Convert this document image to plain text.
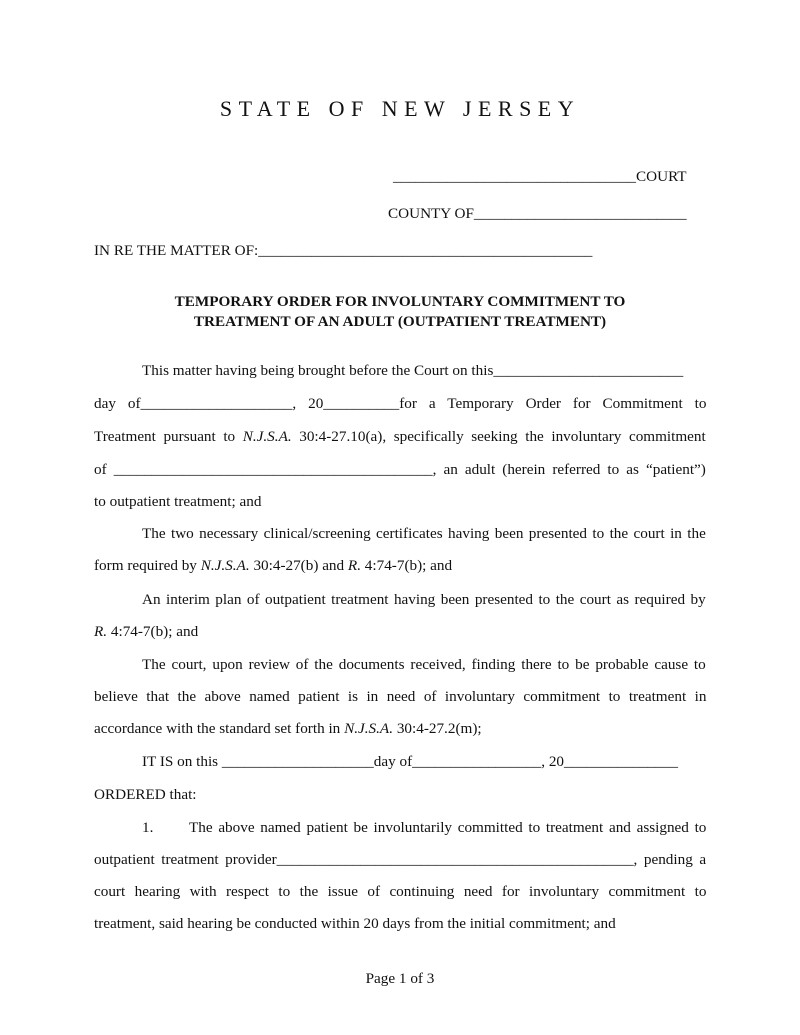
STATE OF NEW JERSEY
________________________________COURT
COUNTY OF____________________________
IN RE THE MATTER OF:____________________________________________
TEMPORARY ORDER FOR INVOLUNTARY COMMITMENT TO
TREATMENT OF AN ADULT (OUTPATIENT TREATMENT)
This matter having being brought before the Court on this_________________________
day of____________________, 20__________for a Temporary Order for Commitment to
Treatment pursuant to N.J.S.A. 30:4-27.10(a), specifically seeking the involuntary commitment
of __________________________________________, an adult (herein referred to as “patient”)
to outpatient treatment; and
The two necessary clinical/screening certificates having been presented to the court in the
form required by N.J.S.A. 30:4-27(b) and R. 4:74-7(b); and
An interim plan of outpatient treatment having been presented to the court as required by
R. 4:74-7(b); and
The court, upon review of the documents received, finding there to be probable cause to
believe that the above named patient is in need of involuntary commitment to treatment in
accordance with the standard set forth in N.J.S.A. 30:4-27.2(m);
IT IS on this ____________________day of_________________, 20_______________
ORDERED that:
1. The above named patient be involuntarily committed to treatment and assigned to
outpatient treatment provider_______________________________________________, pending a
court hearing with respect to the issue of continuing need for involuntary commitment to
treatment, said hearing be conducted within 20 days from the initial commitment; and
Page 1 of 3
